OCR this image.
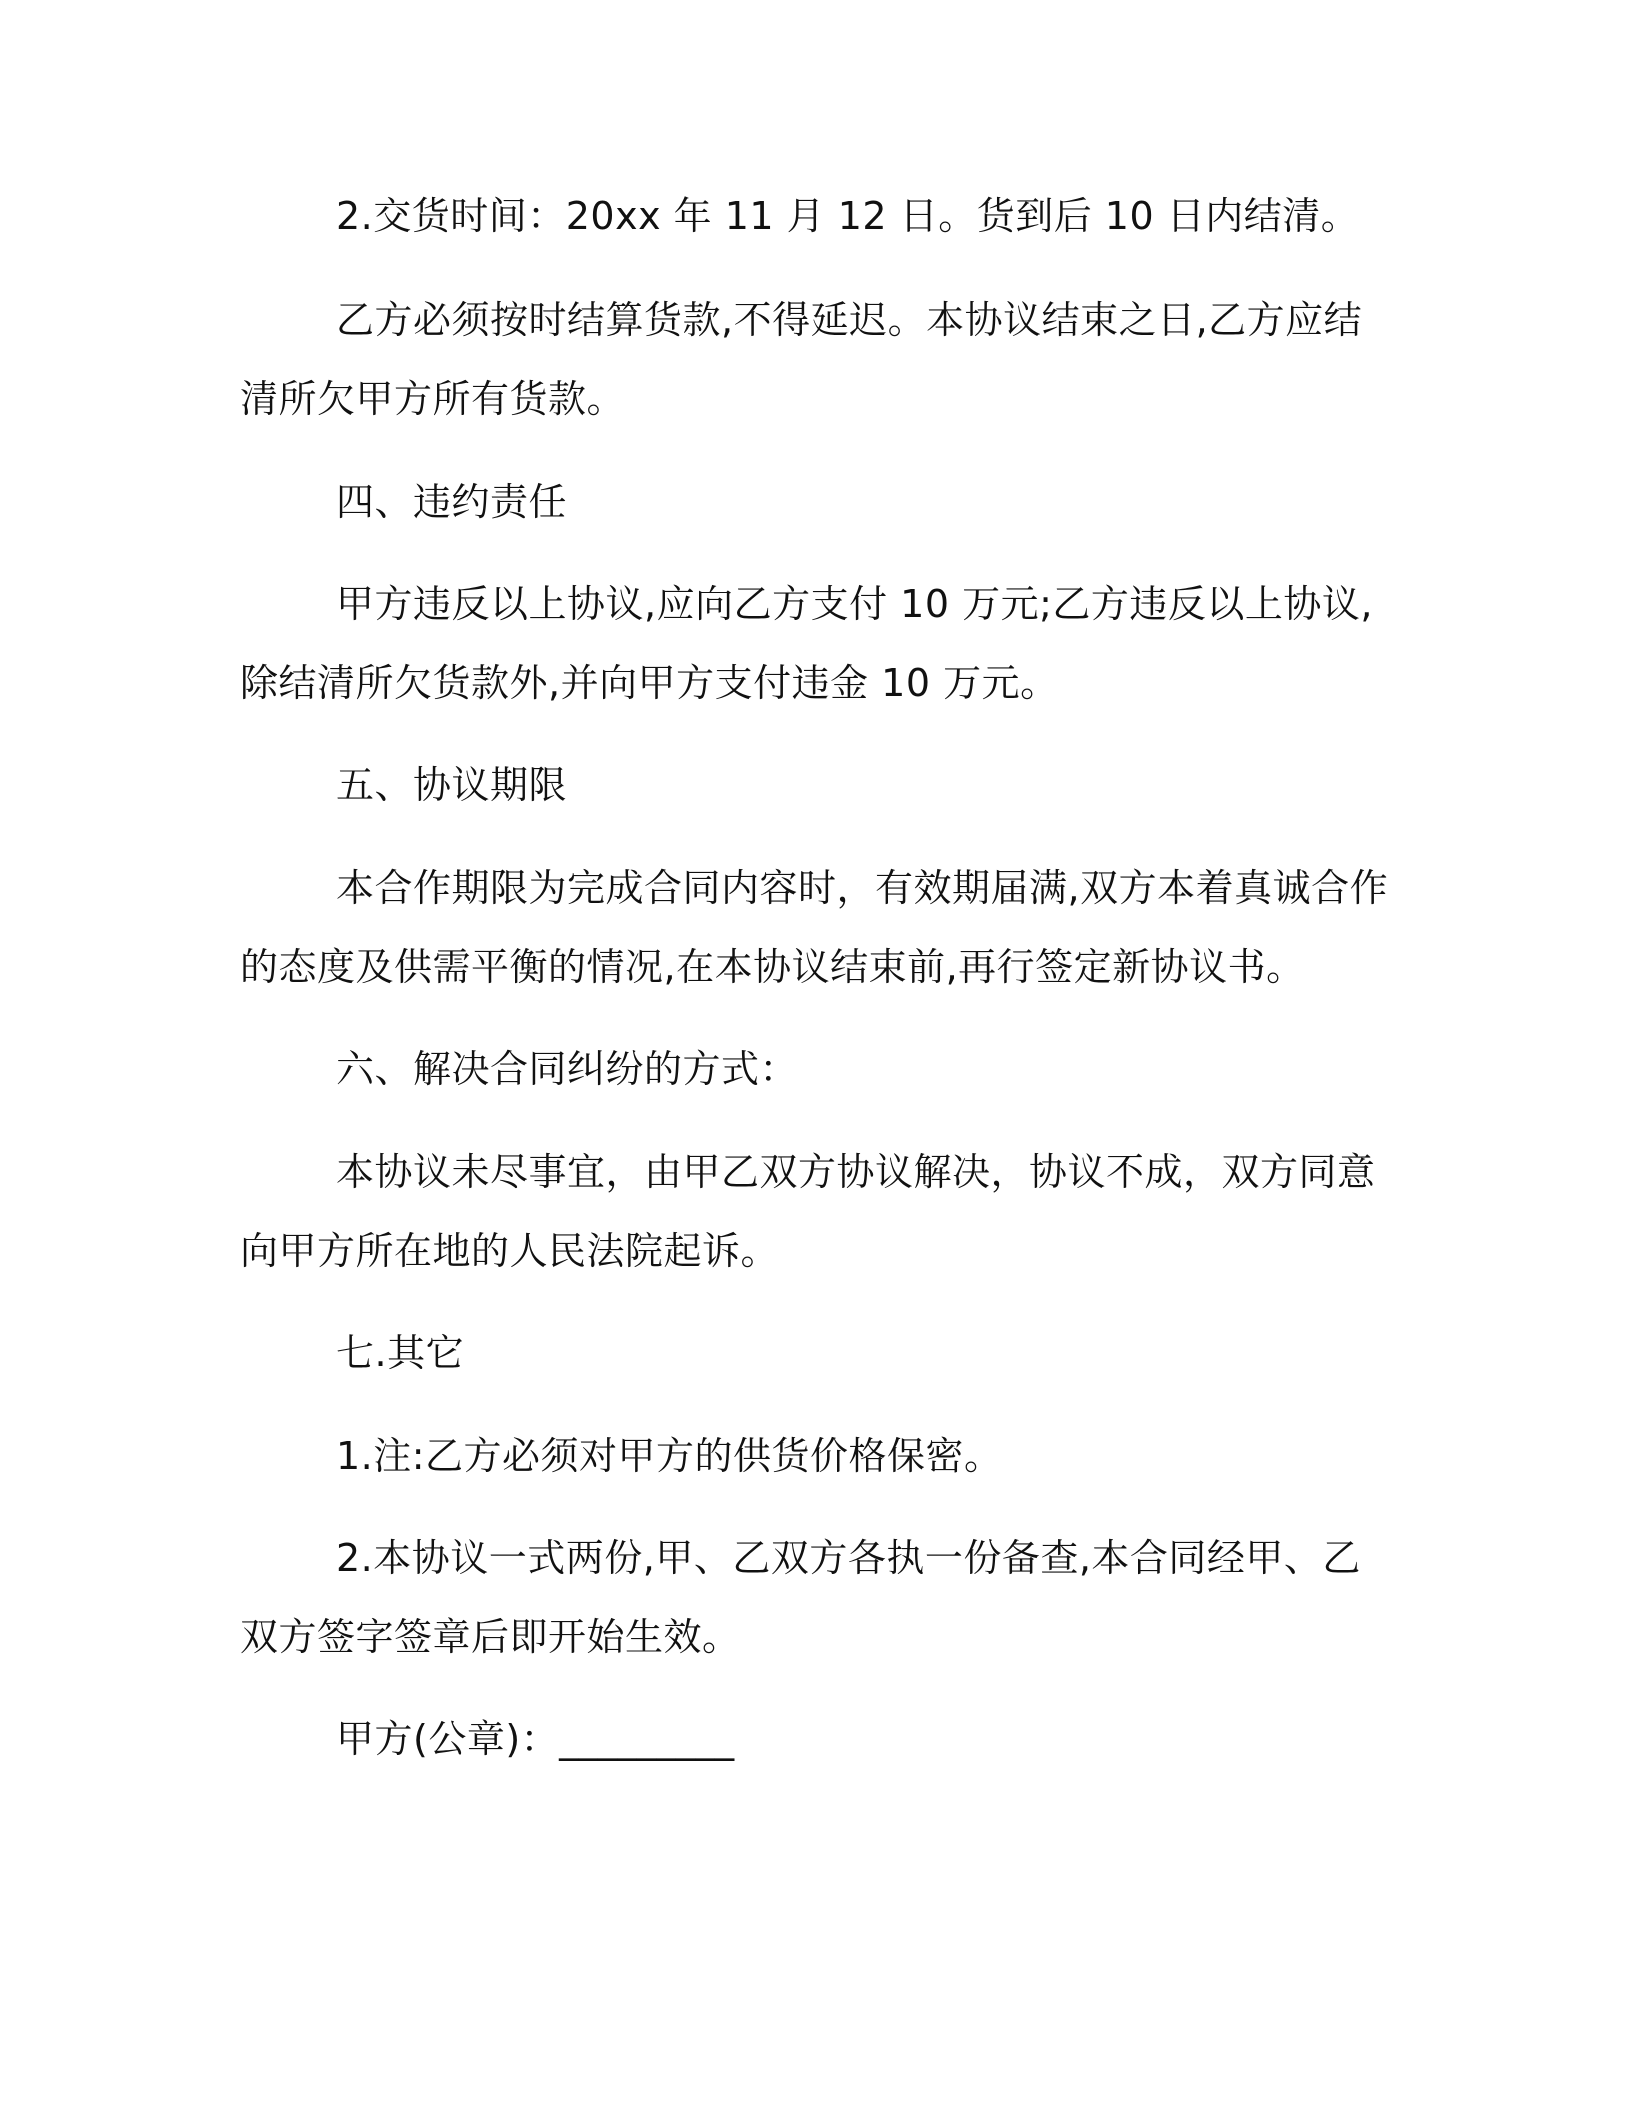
2.交货时间：20xx 年 11 月 12 日。货到后 10 日内结清。
乙方必须按时结算货款,不得延迟。本协议结束之日,乙方应结清所欠甲方所有货款。
四、违约责任
甲方违反以上协议,应向乙方支付 10 万元;乙方违反以上协议,除结清所欠货款外,并向甲方支付违金 10 万元。
五、协议期限
本合作期限为完成合同内容时，有效期届满,双方本着真诚合作的态度及供需平衡的情况,在本协议结束前,再行签定新协议书。
六、解决合同纠纷的方式：
本协议未尽事宜，由甲乙双方协议解决，协议不成，双方同意向甲方所在地的人民法院起诉。
七.其它
1.注:乙方必须对甲方的供货价格保密。
2.本协议一式两份,甲、乙双方各执一份备查,本合同经甲、乙双方签字签章后即开始生效。
甲方(公章)：_________
